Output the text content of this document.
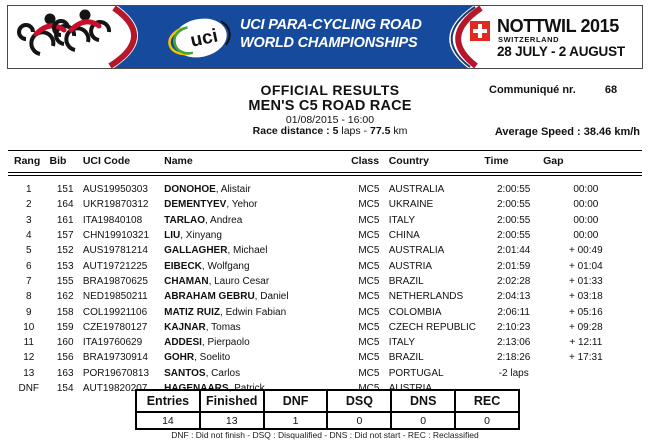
uci
UCI PARA-CYCLING ROAD
WORLD CHAMPIONSHIPS
NOTTWIL 2015
SWITZERLAND
28 JULY - 2 AUGUST
OFFICIAL RESULTS
MEN'S C5 ROAD RACE
01/08/2015 - 16:00
Race distance : 5 laps - 77.5 km
Communiqué nr.	68
Average Speed : 38.46 km/h
Rang	Bib	UCI Code	Name	Class	Country	Time	Gap	
1	151	AUS19950303	DONOHOE, Alistair	MC5	AUSTRALIA	2:00:55	00:00	
2	164	UKR19870312	DEMENTYEV, Yehor	MC5	UKRAINE	2:00:55	00:00	
3	161	ITA19840108	TARLAO, Andrea	MC5	ITALY	2:00:55	00:00	
4	157	CHN19910321	LIU, Xinyang	MC5	CHINA	2:00:55	00:00	
5	152	AUS19781214	GALLAGHER, Michael	MC5	AUSTRALIA	2:01:44	+ 00:49	
6	153	AUT19721225	EIBECK, Wolfgang	MC5	AUSTRIA	2:01:59	+ 01:04	
7	155	BRA19870625	CHAMAN, Lauro Cesar	MC5	BRAZIL	2:02:28	+ 01:33	
8	162	NED19850211	ABRAHAM GEBRU, Daniel	MC5	NETHERLANDS	2:04:13	+ 03:18	
9	158	COL19921106	MATIZ RUIZ, Edwin Fabian	MC5	COLOMBIA	2:06:11	+ 05:16	
10	159	CZE19780127	KAJNAR, Tomas	MC5	CZECH REPUBLIC	2:10:23	+ 09:28	
11	160	ITA19760629	ADDESI, Pierpaolo	MC5	ITALY	2:13:06	+ 12:11	
12	156	BRA19730914	GOHR, Soelito	MC5	BRAZIL	2:18:26	+ 17:31	
13	163	POR19670813	SANTOS, Carlos	MC5	PORTUGAL	-2 laps		
DNF	154	AUT19820207	HAGENAARS, Patrick	MC5	AUSTRIA			
Entries	Finished	DNF	DSQ	DNS	REC
14	13	1	0	0	0
DNF : Did not finish - DSQ : Disqualified - DNS : Did not start - REC : Reclassified
